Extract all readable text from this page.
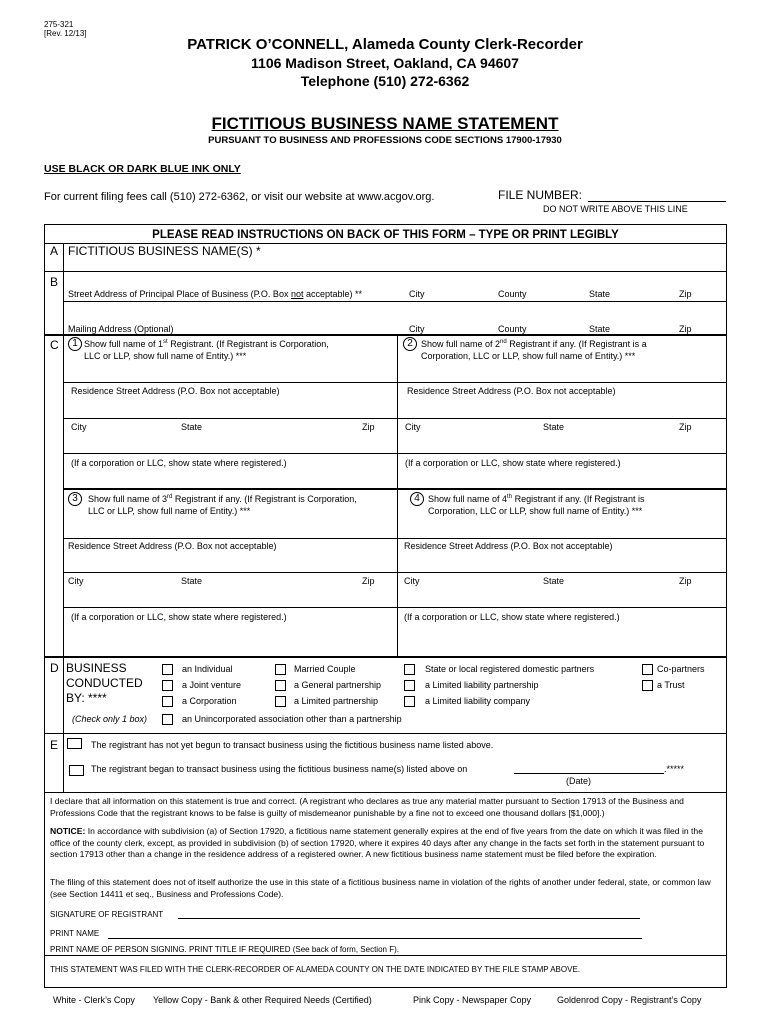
275-321
[Rev. 12/13]
PATRICK O’CONNELL, Alameda County Clerk-Recorder
1106 Madison Street, Oakland, CA 94607
Telephone (510) 272-6362
FICTITIOUS BUSINESS NAME STATEMENT
PURSUANT TO BUSINESS AND PROFESSIONS CODE SECTIONS 17900-17930
USE BLACK OR DARK BLUE INK ONLY
For current filing fees call (510) 272-6362, or visit our website at www.acgov.org.	FILE NUMBER:
DO NOT WRITE ABOVE THIS LINE
PLEASE READ INSTRUCTIONS ON BACK OF THIS FORM – TYPE OR PRINT LEGIBLY
A FICTITIOUS BUSINESS NAME(S) *
B
Street Address of Principal Place of Business (P.O. Box not acceptable) **	City	County	State	Zip
Mailing Address (Optional)	City	County	State	Zip
C	1 Show full name of 1st Registrant. (If Registrant is Corporation,
LLC or LLP, show full name of Entity.) ***
Residence Street Address (P.O. Box not acceptable)
City	State	Zip
(If a corporation or LLC, show state where registered.)
2 Show full name of 2nd Registrant if any. (If Registrant is a
Corporation, LLC or LLP, show full name of Entity.) ***
Residence Street Address (P.O. Box not acceptable)
City	State	Zip
(If a corporation or LLC, show state where registered.)
3	Show full name of 3rd Registrant if any. (If Registrant is Corporation,
LLC or LLP, show full name of Entity.) ***
Residence Street Address (P.O. Box not acceptable)
City	State	Zip
(If a corporation or LLC, show state where registered.)
4 Show full name of 4th Registrant if any. (If Registrant is
Corporation, LLC or LLP, show full name of Entity.) ***
Residence Street Address (P.O. Box not acceptable)
City	State	Zip
(If a corporation or LLC, show state where registered.)
D BUSINESS
CONDUCTED
BY: ****
(Check only 1 box)
an Individual
a Joint venture
a Corporation
an Unincorporated association other than a partnership
Married Couple
a General partnership
a Limited partnership
State or local registered domestic partners
a Limited liability partnership
a Limited liability company
Co-partners
a Trust
E	The registrant has not yet begun to transact business using the fictitious business name listed above.
The registrant began to transact business using the fictitious business name(s) listed above on	.*****
(Date)
I declare that all information on this statement is true and correct. (A registrant who declares as true any material matter pursuant to Section 17913 of the Business and Professions Code that the registrant knows to be false is guilty of misdemeanor punishable by a fine not to exceed one thousand dollars [$1,000].)
NOTICE: In accordance with subdivision (a) of Section 17920, a fictitious name statement generally expires at the end of five years from the date on which it was filed in the office of the county clerk, except, as provided in subdivision (b) of section 17920, where it expires 40 days after any change in the facts set forth in the statement pursuant to section 17913 other than a change in the residence address of a registered owner. A new fictitious business name statement must be filed before the expiration.
The filing of this statement does not of itself authorize the use in this state of a fictitious business name in violation of the rights of another under federal, state, or common law (see Section 14411 et seq., Business and Professions Code).
SIGNATURE OF REGISTRANT
PRINT NAME
PRINT NAME OF PERSON SIGNING. PRINT TITLE IF REQUIRED (See back of form, Section F).
THIS STATEMENT WAS FILED WITH THE CLERK-RECORDER OF ALAMEDA COUNTY ON THE DATE INDICATED BY THE FILE STAMP ABOVE.
White - Clerk’s Copy Yellow Copy - Bank & other Required Needs (Certified)	Pink Copy - Newspaper Copy	Goldenrod Copy - Registrant’s Copy
